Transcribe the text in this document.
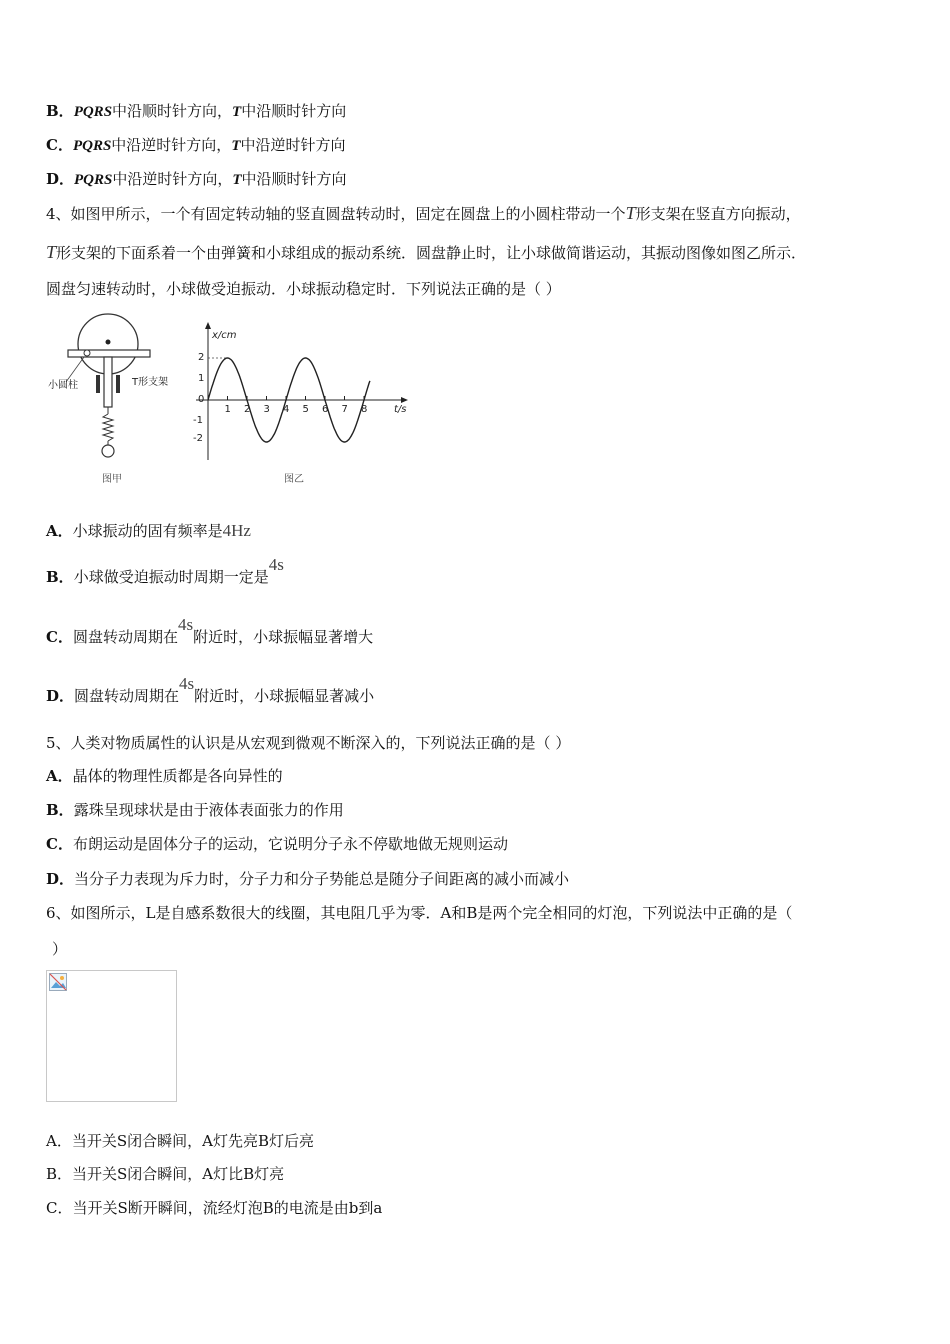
B．PQRS中沿顺时针方向，T中沿顺时针方向
C．PQRS中沿逆时针方向，T中沿逆时针方向
D．PQRS中沿逆时针方向，T中沿顺时针方向
4、如图甲所示，一个有固定转动轴的竖直圆盘转动时，固定在圆盘上的小圆柱带动一个T形支架在竖直方向振动，
T形支架的下面系着一个由弹簧和小球组成的振动系统．圆盘静止时，让小球做简谐运动，其振动图像如图乙所示．
圆盘匀速转动时，小球做受迫振动．小球振动稳定时．下列说法正确的是（ ）
小圆柱	T形支架
图甲
x/cm
t/s
2
1
0
-1
-2
1 2 3 4 5 6 7 8
图乙
A．小球振动的固有频率是4Hz
B．小球做受迫振动时周期一定是4s
C．圆盘转动周期在4s附近时，小球振幅显著增大
D．圆盘转动周期在4s附近时，小球振幅显著减小
5、人类对物质属性的认识是从宏观到微观不断深入的，下列说法正确的是（ ）
A．晶体的物理性质都是各向异性的
B．露珠呈现球状是由于液体表面张力的作用
C．布朗运动是固体分子的运动，它说明分子永不停歇地做无规则运动
D．当分子力表现为斥力时，分子力和分子势能总是随分子间距离的减小而减小
6、如图所示，L是自感系数很大的线圈，其电阻几乎为零．A和B是两个完全相同的灯泡，下列说法中正确的是（
）
A．当开关S闭合瞬间，A灯先亮B灯后亮
B．当开关S闭合瞬间，A灯比B灯亮
C．当开关S断开瞬间，流经灯泡B的电流是由b到a
